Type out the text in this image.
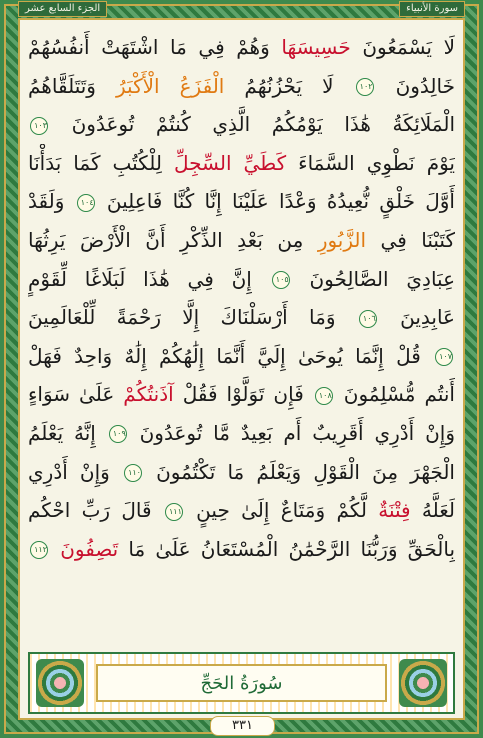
الجزء السابع عشر	سورة الأنبياء
لَا يَسْمَعُونَ حَسِيسَهَا وَهُمْ فِي مَا اشْتَهَتْ أَنفُسُهُمْ
خَالِدُونَ ١٠٢ لَا يَحْزُنُهُمُ الْفَزَعُ الْأَكْبَرُ وَتَتَلَقَّاهُمُ
الْمَلَائِكَةُ هَٰذَا يَوْمُكُمُ الَّذِي كُنتُمْ تُوعَدُونَ ١٠٣
يَوْمَ نَطْوِي السَّمَاءَ كَطَيِّ السِّجِلِّ لِلْكُتُبِ كَمَا بَدَأْنَا
أَوَّلَ خَلْقٍ نُّعِيدُهُ وَعْدًا عَلَيْنَا إِنَّا كُنَّا فَاعِلِينَ ١٠٤ وَلَقَدْ
كَتَبْنَا فِي الزَّبُورِ مِن بَعْدِ الذِّكْرِ أَنَّ الْأَرْضَ يَرِثُهَا
عِبَادِيَ الصَّالِحُونَ ١٠٥ إِنَّ فِي هَٰذَا لَبَلَاغًا لِّقَوْمٍ
عَابِدِينَ ١٠٦ وَمَا أَرْسَلْنَاكَ إِلَّا رَحْمَةً لِّلْعَالَمِينَ
١٠٧ قُلْ إِنَّمَا يُوحَىٰ إِلَيَّ أَنَّمَا إِلَٰهُكُمْ إِلَٰهٌ وَاحِدٌ فَهَلْ
أَنتُم مُّسْلِمُونَ ١٠٨ فَإِن تَوَلَّوْا فَقُلْ آذَنتُكُمْ عَلَىٰ سَوَاءٍ
وَإِنْ أَدْرِي أَقَرِيبٌ أَم بَعِيدٌ مَّا تُوعَدُونَ ١٠٩ إِنَّهُ يَعْلَمُ
الْجَهْرَ مِنَ الْقَوْلِ وَيَعْلَمُ مَا تَكْتُمُونَ ١١٠ وَإِنْ أَدْرِي
لَعَلَّهُ فِتْنَةٌ لَّكُمْ وَمَتَاعٌ إِلَىٰ حِينٍ ١١١ قَالَ رَبِّ احْكُم
بِالْحَقِّ وَرَبُّنَا الرَّحْمَٰنُ الْمُسْتَعَانُ عَلَىٰ مَا تَصِفُونَ ١١٢
سُورَةُ الحَجِّ
٣٣١
